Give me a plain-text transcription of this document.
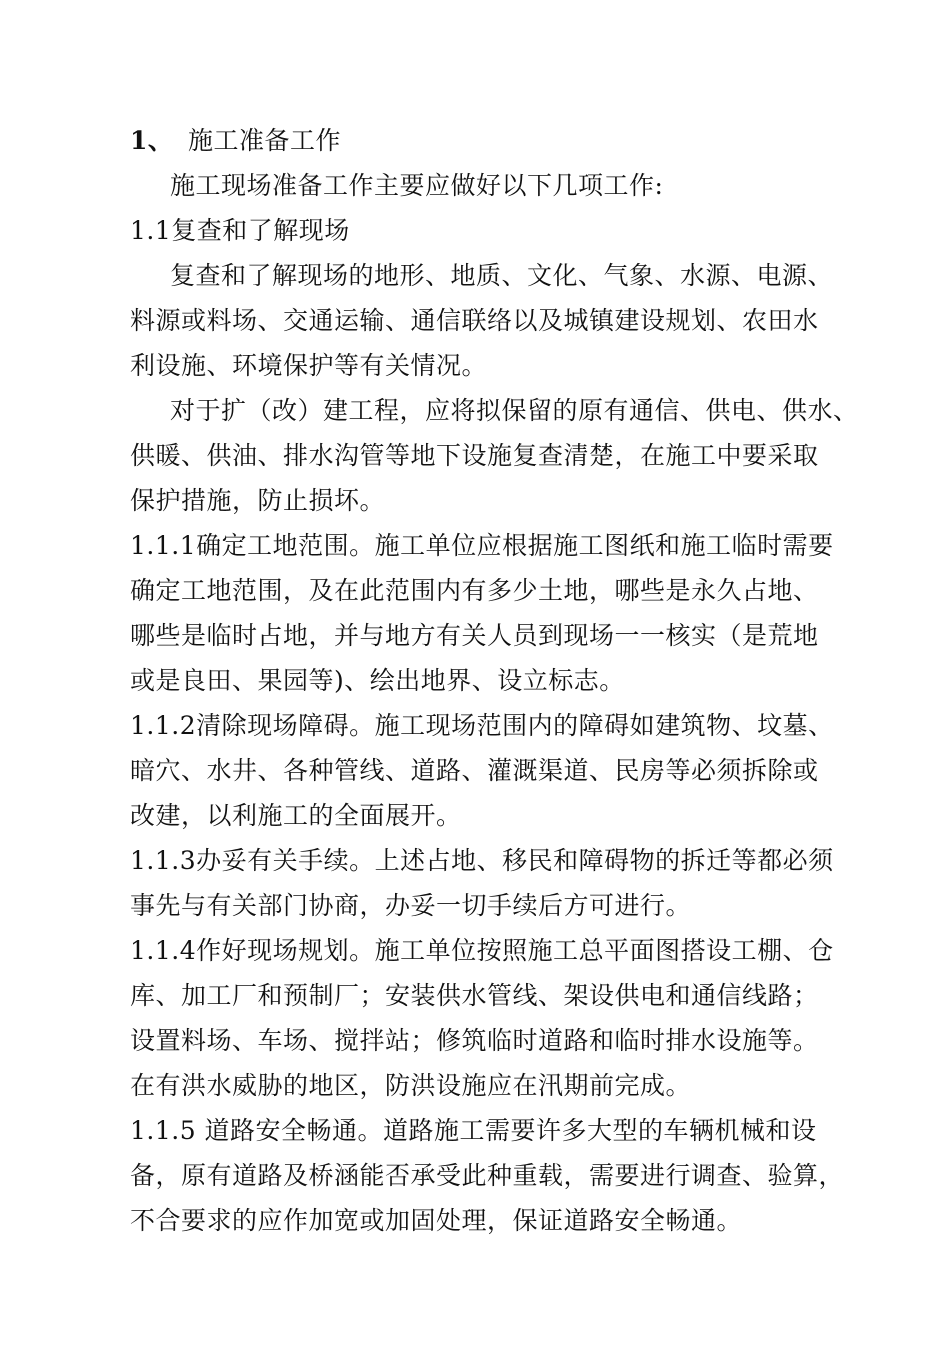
1、 施工准备工作
施工现场准备工作主要应做好以下几项工作:
1.1复查和了解现场
复查和了解现场的地形、地质、文化、气象、水源、电源、
料源或料场、交通运输、通信联络以及城镇建设规划、农田水
利设施、环境保护等有关情况。
对于扩（改）建工程，应将拟保留的原有通信、供电、供水、
供暖、供油、排水沟管等地下设施复查清楚，在施工中要采取
保护措施，防止损坏。
1.1.1确定工地范围。施工单位应根据施工图纸和施工临时需要
确定工地范围，及在此范围内有多少土地，哪些是永久占地、
哪些是临时占地，并与地方有关人员到现场一一核实（是荒地
或是良田、果园等)、绘出地界、设立标志。
1.1.2清除现场障碍。施工现场范围内的障碍如建筑物、坟墓、
暗穴、水井、各种管线、道路、灌溉渠道、民房等必须拆除或
改建，以利施工的全面展开。
1.1.3办妥有关手续。上述占地、移民和障碍物的拆迁等都必须
事先与有关部门协商，办妥一切手续后方可进行。
1.1.4作好现场规划。施工单位按照施工总平面图搭设工棚、仓
库、加工厂和预制厂；安装供水管线、架设供电和通信线路；
设置料场、车场、搅拌站；修筑临时道路和临时排水设施等。
在有洪水威胁的地区，防洪设施应在汛期前完成。
1.1.5 道路安全畅通。道路施工需要许多大型的车辆机械和设
备，原有道路及桥涵能否承受此种重载，需要进行调查、验算，
不合要求的应作加宽或加固处理，保证道路安全畅通。
